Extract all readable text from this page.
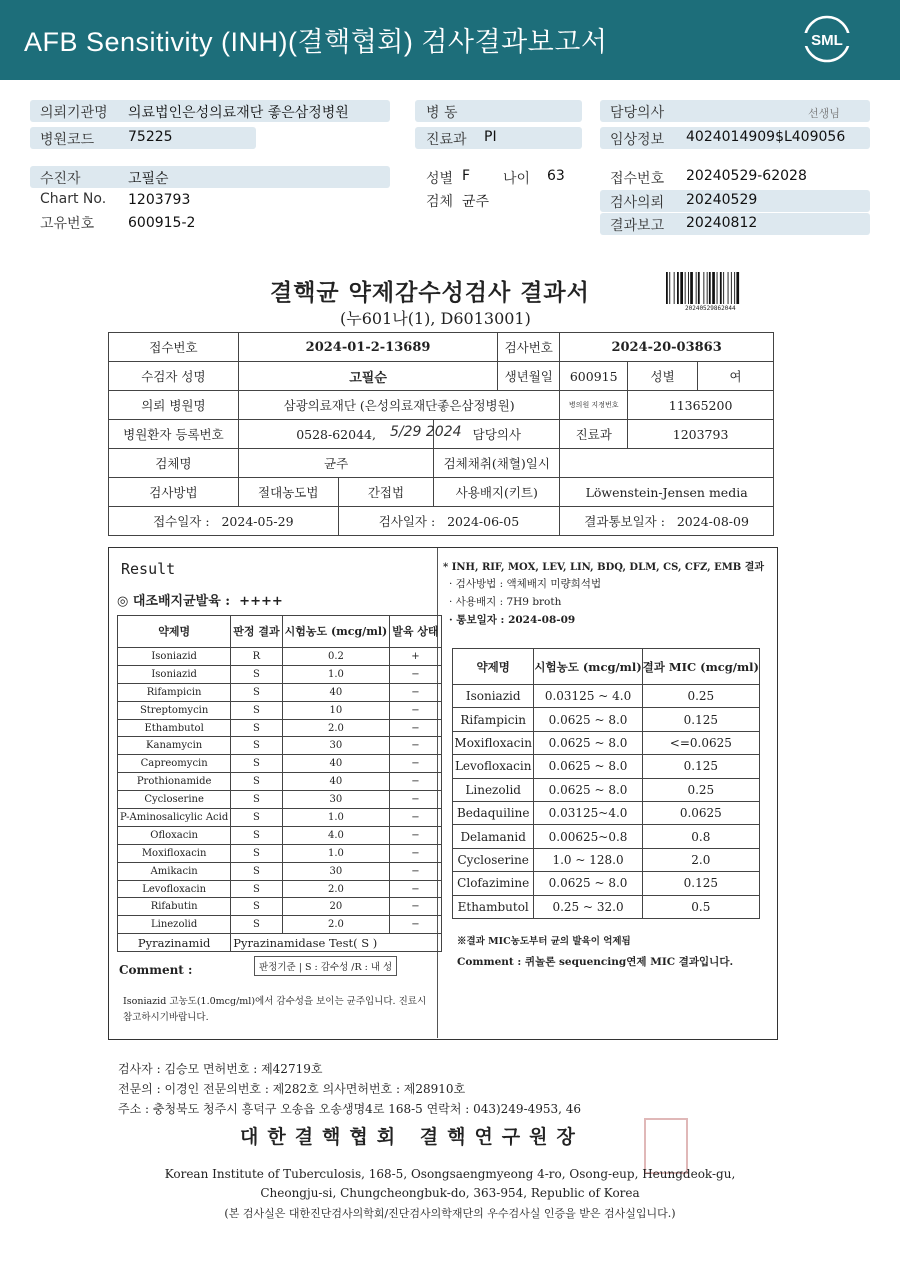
AFB Sensitivity (INH)(결핵협회) 검사결과보고서	SML
의뢰기관명 의료법인은성의료재단 좋은삼정병원
병원코드 75225
병 동
진료과 PI
담당의사	선생님
임상정보 4024014909$L409056
수진자	고필순
Chart No. 1203793
고유번호 600915-2
성별 F 나이 63
검체 균주
접수번호 20240529-62028
검사의뢰 20240529
결과보고 20240812
결핵균 약제감수성검사 결과서
(누601나(1), D6013001)
20240529862044
접수번호	2024-01-2-13689			검사번호	2024-20-03863		
수검자 성명	고필순			생년월일	600915	성별	여
의뢰 병원명	삼광의료재단 (은성의료재단좋은삼정병원)				병의원 지정번호	11365200	
병원환자 등록번호	0528-62044,		담당의사		진료과	1203793	
검체명	균주		검체채취(채혈)일시				
검사방법	절대농도법	간접법	사용배지(키트)		Löwenstein-Jensen media		
접수일자 : 2024-05-29		검사일자 : 2024-06-05			결과통보일자 : 2024-08-09		
5/29 2024
Result
◎ 대조배지균발육 : ++++
약제명	판정 결과	시험농도 (mcg/ml)	발육 상태
Isoniazid	R	0.2	+
Isoniazid	S	1.0	−
Rifampicin	S	40	−
Streptomycin	S	10	−
Ethambutol	S	2.0	−
Kanamycin	S	30	−
Capreomycin	S	40	−
Prothionamide	S	40	−
Cycloserine	S	30	−
P-Aminosalicylic Acid	S	1.0	−
Ofloxacin	S	4.0	−
Moxifloxacin	S	1.0	−
Amikacin	S	30	−
Levofloxacin	S	2.0	−
Rifabutin	S	20	−
Linezolid	S	2.0	−
Pyrazinamid	Pyrazinamidase Test( S )		
Comment :	판정기준 | S : 감수성 /R : 내 성
Isoniazid 고농도(1.0mcg/ml)에서 감수성을 보이는 균주입니다. 진료시 참고하시기바랍니다.
* INH, RIF, MOX, LEV, LIN, BDQ, DLM, CS, CFZ, EMB 결과
· 검사방법 : 액체배지 미량희석법
· 사용배지 : 7H9 broth
· 통보일자 : 2024-08-09
약제명	시험농도 (mcg/ml)	결과 MIC (mcg/ml)
Isoniazid	0.03125 ~ 4.0	0.25
Rifampicin	0.0625 ~ 8.0	0.125
Moxifloxacin	0.0625 ~ 8.0	<=0.0625
Levofloxacin	0.0625 ~ 8.0	0.125
Linezolid	0.0625 ~ 8.0	0.25
Bedaquiline	0.03125~4.0	0.0625
Delamanid	0.00625~0.8	0.8
Cycloserine	1.0 ~ 128.0	2.0
Clofazimine	0.0625 ~ 8.0	0.125
Ethambutol	0.25 ~ 32.0	0.5
※결과 MIC농도부터 균의 발육이 억제됨
Comment : 퀴놀론 sequencing연제 MIC 결과입니다.
검사자 : 김승모 면허번호 : 제42719호
전문의 : 이경인 전문의번호 : 제282호 의사면허번호 : 제28910호
주소 : 충청북도 청주시 흥덕구 오송읍 오송생명4로 168-5 연락처 : 043)249-4953, 46
대한결핵협회 결핵연구원장
Korean Institute of Tuberculosis, 168-5, Osongsaengmyeong 4-ro, Osong-eup, Heungdeok-gu,
Cheongju-si, Chungcheongbuk-do, 363-954, Republic of Korea
(본 검사실은 대한진단검사의학회/진단검사의학재단의 우수검사실 인증을 받은 검사실입니다.)
